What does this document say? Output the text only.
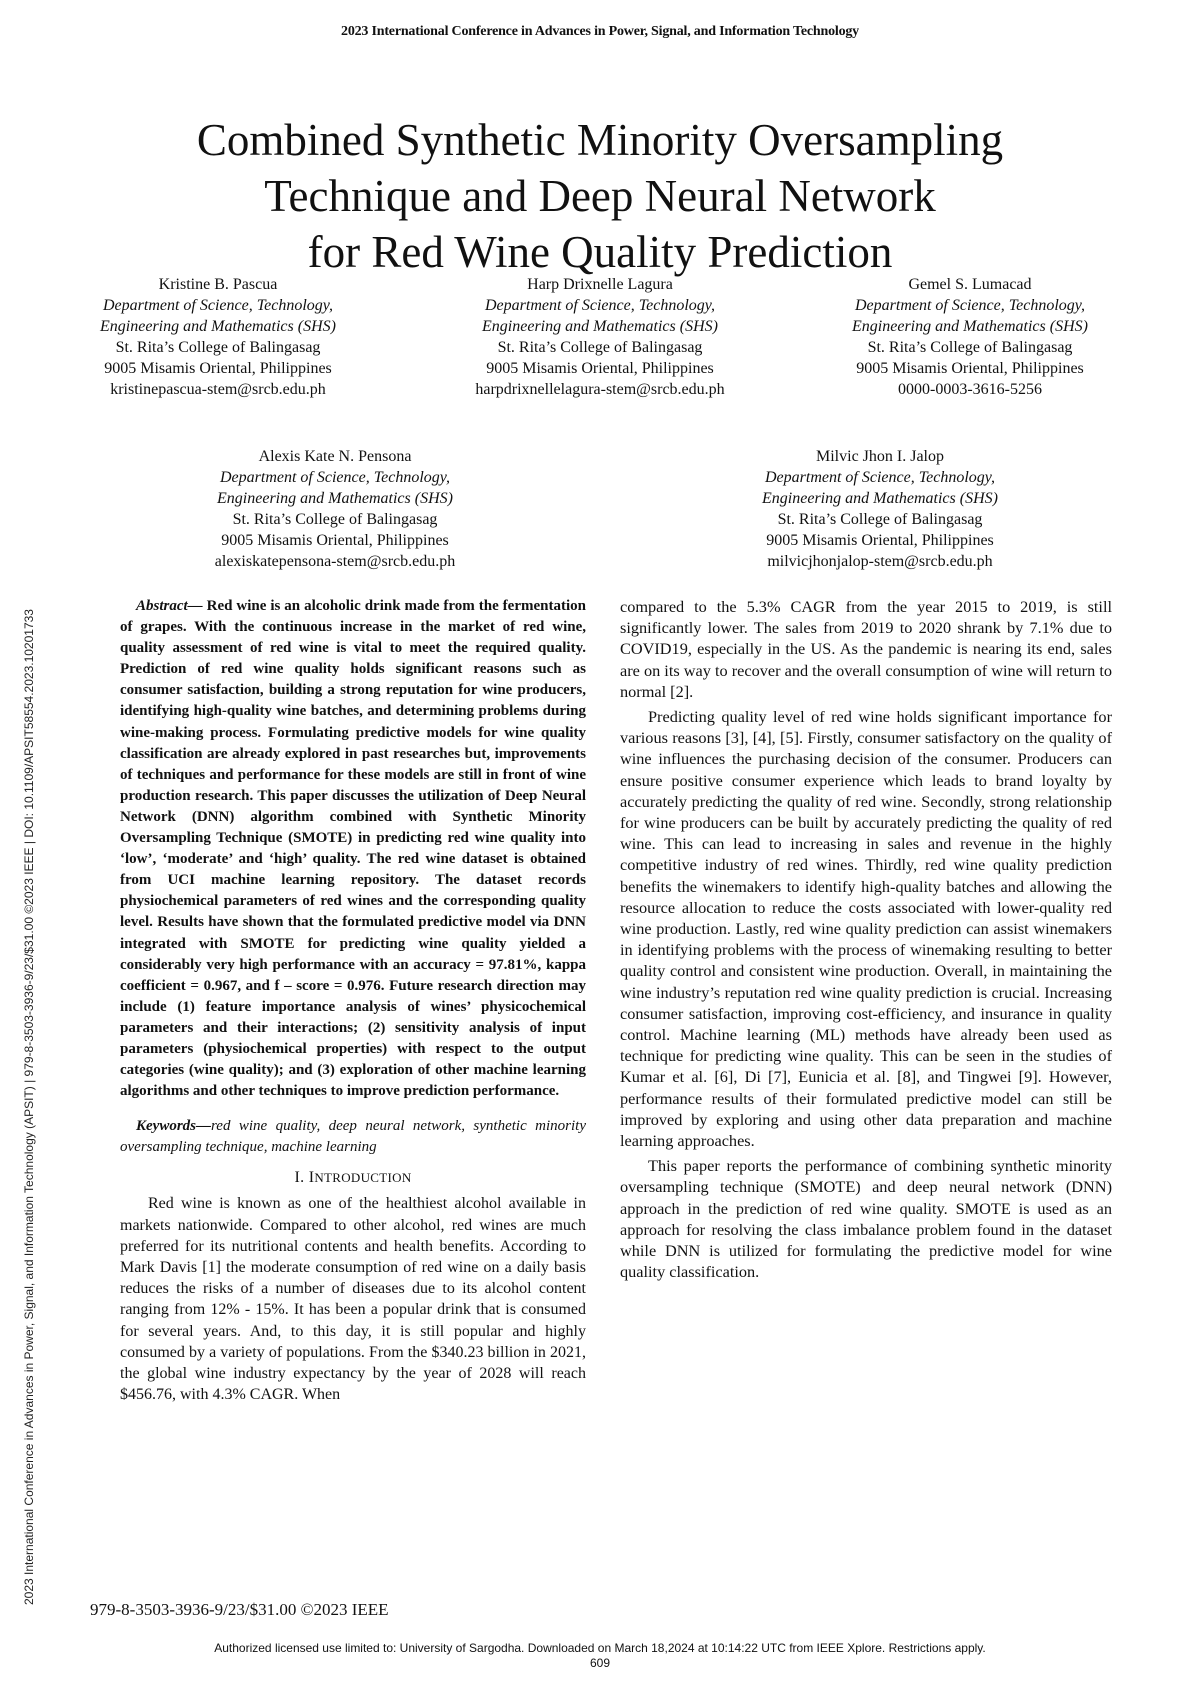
2023 International Conference in Advances in Power, Signal, and Information Technology
2023 International Conference in Advances in Power, Signal, and Information Technology (APSIT) | 979-8-3503-3936-9/23/$31.00 ©2023 IEEE | DOI: 10.1109/APSIT58554.2023.10201733
Combined Synthetic Minority Oversampling
Technique and Deep Neural Network
for Red Wine Quality Prediction
Kristine B. Pascua
Department of Science, Technology,
Engineering and Mathematics (SHS)
St. Rita’s College of Balingasag
9005 Misamis Oriental, Philippines
kristinepascua-stem@srcb.edu.ph
Harp Drixnelle Lagura
Department of Science, Technology,
Engineering and Mathematics (SHS)
St. Rita’s College of Balingasag
9005 Misamis Oriental, Philippines
harpdrixnellelagura-stem@srcb.edu.ph
Gemel S. Lumacad
Department of Science, Technology,
Engineering and Mathematics (SHS)
St. Rita’s College of Balingasag
9005 Misamis Oriental, Philippines
0000-0003-3616-5256
Alexis Kate N. Pensona
Department of Science, Technology,
Engineering and Mathematics (SHS)
St. Rita’s College of Balingasag
9005 Misamis Oriental, Philippines
alexiskatepensona-stem@srcb.edu.ph
Milvic Jhon I. Jalop
Department of Science, Technology,
Engineering and Mathematics (SHS)
St. Rita’s College of Balingasag
9005 Misamis Oriental, Philippines
milvicjhonjalop-stem@srcb.edu.ph

Abstract— Red wine is an alcoholic drink made from the fermentation of grapes. With the continuous increase in the market of red wine, quality assessment of red wine is vital to meet the required quality. Prediction of red wine quality holds significant reasons such as consumer satisfaction, building a strong reputation for wine producers, identifying high-quality wine batches, and determining problems during wine-making process. Formulating predictive models for wine quality classification are already explored in past researches but, improvements of techniques and performance for these models are still in front of wine production research. This paper discusses the utilization of Deep Neural Network (DNN) algorithm combined with Synthetic Minority Oversampling Technique (SMOTE) in predicting red wine quality into ‘low’, ‘moderate’ and ‘high’ quality. The red wine dataset is obtained from UCI machine learning repository. The dataset records physiochemical parameters of red wines and the corresponding quality level. Results have shown that the formulated predictive model via DNN integrated with SMOTE for predicting wine quality yielded a considerably very high performance with an accuracy = 97.81%, kappa coefficient = 0.967, and f – score = 0.976. Future research direction may include (1) feature importance analysis of wines’ physicochemical parameters and their interactions; (2) sensitivity analysis of input parameters (physiochemical properties) with respect to the output categories (wine quality); and (3) exploration of other machine learning algorithms and other techniques to improve prediction performance.

Keywords—red wine quality, deep neural network, synthetic minority oversampling technique, machine learning

I. INTRODUCTION

Red wine is known as one of the healthiest alcohol available in markets nationwide. Compared to other alcohol, red wines are much preferred for its nutritional contents and health benefits. According to Mark Davis [1] the moderate consumption of red wine on a daily basis reduces the risks of a number of diseases due to its alcohol content ranging from 12% - 15%. It has been a popular drink that is consumed for several years. And, to this day, it is still popular and highly consumed by a variety of populations. From the $340.23 billion in 2021, the global wine industry expectancy by the year of 2028 will reach $456.76, with 4.3% CAGR. When

compared to the 5.3% CAGR from the year 2015 to 2019, is still significantly lower. The sales from 2019 to 2020 shrank by 7.1% due to COVID19, especially in the US. As the pandemic is nearing its end, sales are on its way to recover and the overall consumption of wine will return to normal [2].

Predicting quality level of red wine holds significant importance for various reasons [3], [4], [5]. Firstly, consumer satisfactory on the quality of wine influences the purchasing decision of the consumer. Producers can ensure positive consumer experience which leads to brand loyalty by accurately predicting the quality of red wine. Secondly, strong relationship for wine producers can be built by accurately predicting the quality of red wine. This can lead to increasing in sales and revenue in the highly competitive industry of red wines. Thirdly, red wine quality prediction benefits the winemakers to identify high-quality batches and allowing the resource allocation to reduce the costs associated with lower-quality red wine production. Lastly, red wine quality prediction can assist winemakers in identifying problems with the process of winemaking resulting to better quality control and consistent wine production. Overall, in maintaining the wine industry’s reputation red wine quality prediction is crucial. Increasing consumer satisfaction, improving cost-efficiency, and insurance in quality control. Machine learning (ML) methods have already been used as technique for predicting wine quality. This can be seen in the studies of Kumar et al. [6], Di [7], Eunicia et al. [8], and Tingwei [9]. However, performance results of their formulated predictive model can still be improved by exploring and using other data preparation and machine learning approaches.

This paper reports the performance of combining synthetic minority oversampling technique (SMOTE) and deep neural network (DNN) approach in the prediction of red wine quality. SMOTE is used as an approach for resolving the class imbalance problem found in the dataset while DNN is utilized for formulating the predictive model for wine quality classification.

979-8-3503-3936-9/23/$31.00 ©2023 IEEE
Authorized licensed use limited to: University of Sargodha. Downloaded on March 18,2024 at 10:14:22 UTC from IEEE Xplore. Restrictions apply.
609
